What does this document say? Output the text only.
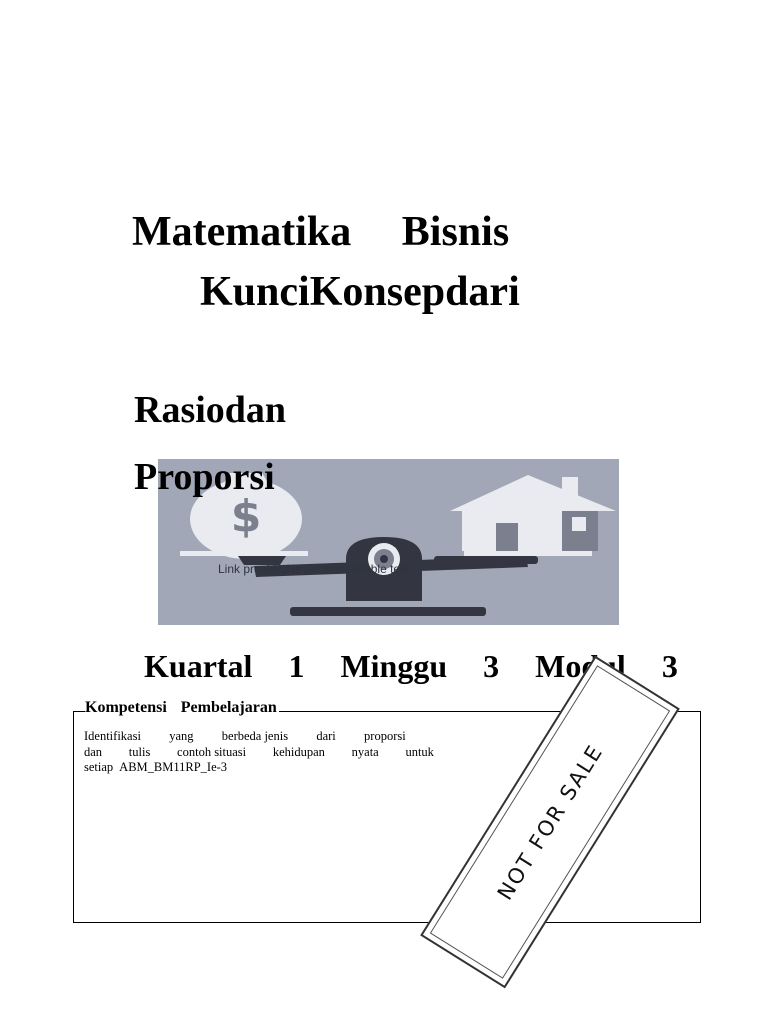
Matematika Bisnis
KunciKonsepdari
Rasiodan
Proporsi
$
Link provided is not translatable text.

Kuartal 1 Minggu 3 Modul 3

Kompetensi Pembelajaran

Identifikasi yang berbeda jenis dari proporsi
dan tulis contoh situasi kehidupan nyata untuk
setiap ABM_BM11RP_Ie-3	NOT FOR SALE
